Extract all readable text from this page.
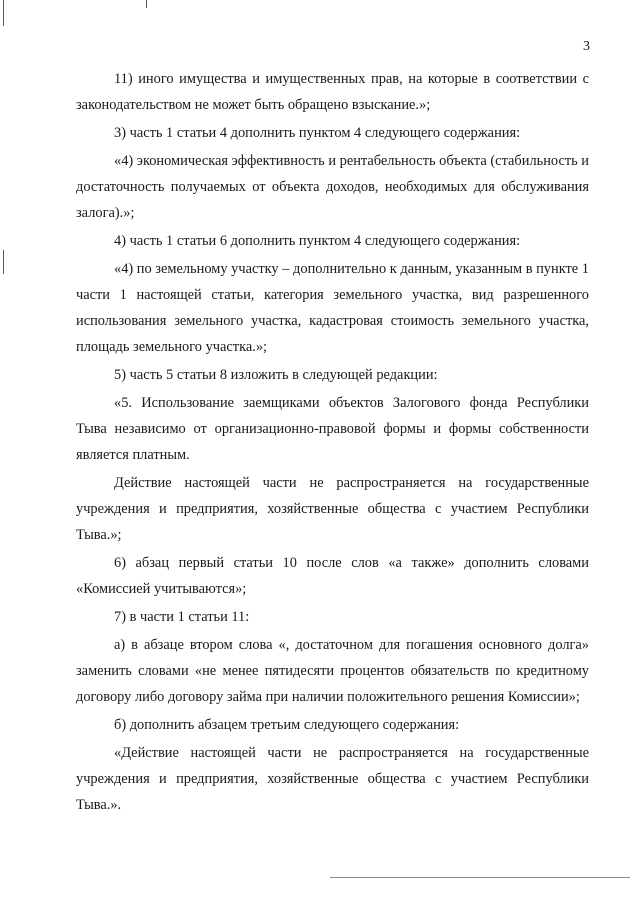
3

11) иного имущества и имущественных прав, на которые в соответствии с законодательством не может быть обращено взыскание.»;

3) часть 1 статьи 4 дополнить пунктом 4 следующего содержания:

«4) экономическая эффективность и рентабельность объекта (стабильность и достаточность получаемых от объекта доходов, необходимых для обслуживания залога).»;

4) часть 1 статьи 6 дополнить пунктом 4 следующего содержания:

«4) по земельному участку – дополнительно к данным, указанным в пункте 1 части 1 настоящей статьи, категория земельного участка, вид разрешенного использования земельного участка, кадастровая стоимость земельного участка, площадь земельного участка.»;

5) часть 5 статьи 8 изложить в следующей редакции:

«5. Использование заемщиками объектов Залогового фонда Республики Тыва независимо от организационно-правовой формы и формы собственности является платным.

Действие настоящей части не распространяется на государственные учреждения и предприятия, хозяйственные общества с участием Республики Тыва.»;

6) абзац первый статьи 10 после слов «а также» дополнить словами «Комиссией учитываются»;

7) в части 1 статьи 11:

а) в абзаце втором слова «, достаточном для погашения основного долга» заменить словами «не менее пятидесяти процентов обязательств по кредитному договору либо договору займа при наличии положительного решения Комиссии»;

б) дополнить абзацем третьим следующего содержания:

«Действие настоящей части не распространяется на государственные учреждения и предприятия, хозяйственные общества с участием Республики Тыва.».
